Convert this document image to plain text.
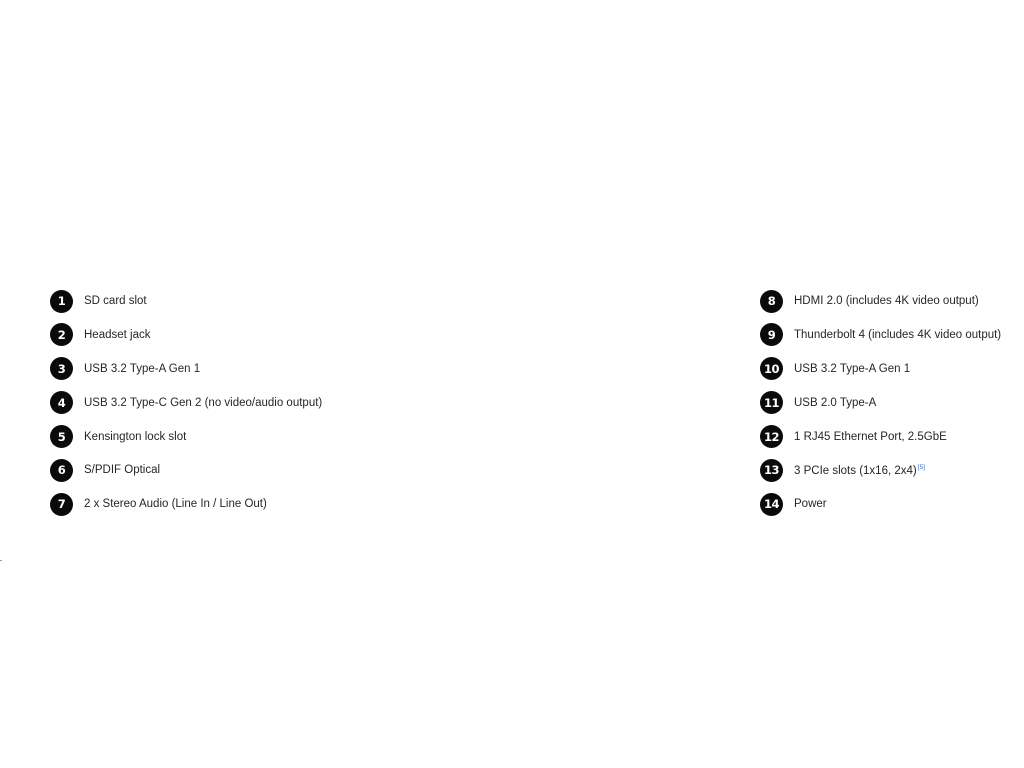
1	SD card slot
2	Headset jack
3	USB 3.2 Type-A Gen 1
4	USB 3.2 Type-C Gen 2 (no video/audio output)
5	Kensington lock slot
6	S/PDIF Optical
7	2 x Stereo Audio (Line In / Line Out)
8	HDMI 2.0 (includes 4K video output)
9	Thunderbolt 4 (includes 4K video output)
10	USB 3.2 Type-A Gen 1
11	USB 2.0 Type-A
12	1 RJ45 Ethernet Port, 2.5GbE
13	3 PCIe slots (1x16, 2x4)[5]
14	Power
